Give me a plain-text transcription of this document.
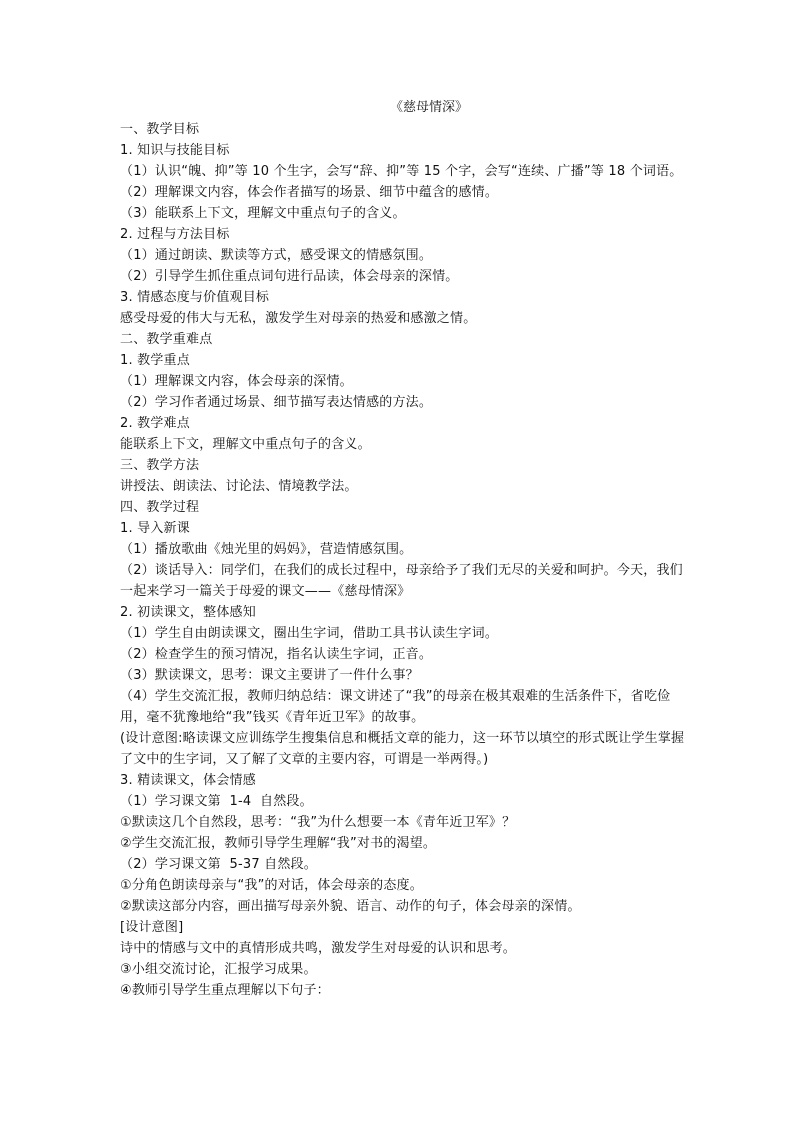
《慈母情深》
一、教学目标
1. 知识与技能目标
（1）认识“魄、抑”等 10 个生字，会写“辞、抑”等 15 个字，会写“连续、广播”等 18 个词语。
（2）理解课文内容，体会作者描写的场景、细节中蕴含的感情。
（3）能联系上下文，理解文中重点句子的含义。
2. 过程与方法目标
（1）通过朗读、默读等方式，感受课文的情感氛围。
（2）引导学生抓住重点词句进行品读，体会母亲的深情。
3. 情感态度与价值观目标
感受母爱的伟大与无私，激发学生对母亲的热爱和感激之情。
二、教学重难点
1. 教学重点
（1）理解课文内容，体会母亲的深情。
（2）学习作者通过场景、细节描写表达情感的方法。
2. 教学难点
能联系上下文，理解文中重点句子的含义。
三、教学方法
讲授法、朗读法、讨论法、情境教学法。
四、教学过程
1. 导入新课
（1）播放歌曲《烛光里的妈妈》，营造情感氛围。
（2）谈话导入：同学们，在我们的成长过程中，母亲给予了我们无尽的关爱和呵护。今天，我们一起来学习一篇关于母爱的课文——《慈母情深》
2. 初读课文，整体感知
（1）学生自由朗读课文，圈出生字词，借助工具书认读生字词。
（2）检查学生的预习情况，指名认读生字词，正音。
（3）默读课文，思考：课文主要讲了一件什么事？
（4）学生交流汇报，教师归纳总结：课文讲述了“我”的母亲在极其艰难的生活条件下，省吃俭用，毫不犹豫地给“我”钱买《青年近卫军》的故事。
(设计意图:略读课文应训练学生搜集信息和概括文章的能力，这一环节以填空的形式既让学生掌握了文中的生字词，又了解了文章的主要内容，可谓是一举两得。)
3. 精读课文，体会情感
（1）学习课文第  1-4  自然段。
①默读这几个自然段，思考：“我”为什么想要一本《青年近卫军》？
②学生交流汇报，教师引导学生理解“我”对书的渴望。
（2）学习课文第  5-37 自然段。
①分角色朗读母亲与“我”的对话，体会母亲的态度。
②默读这部分内容，画出描写母亲外貌、语言、动作的句子，体会母亲的深情。
[设计意图]
诗中的情感与文中的真情形成共鸣，激发学生对母爱的认识和思考。
③小组交流讨论，汇报学习成果。
④教师引导学生重点理解以下句子：
